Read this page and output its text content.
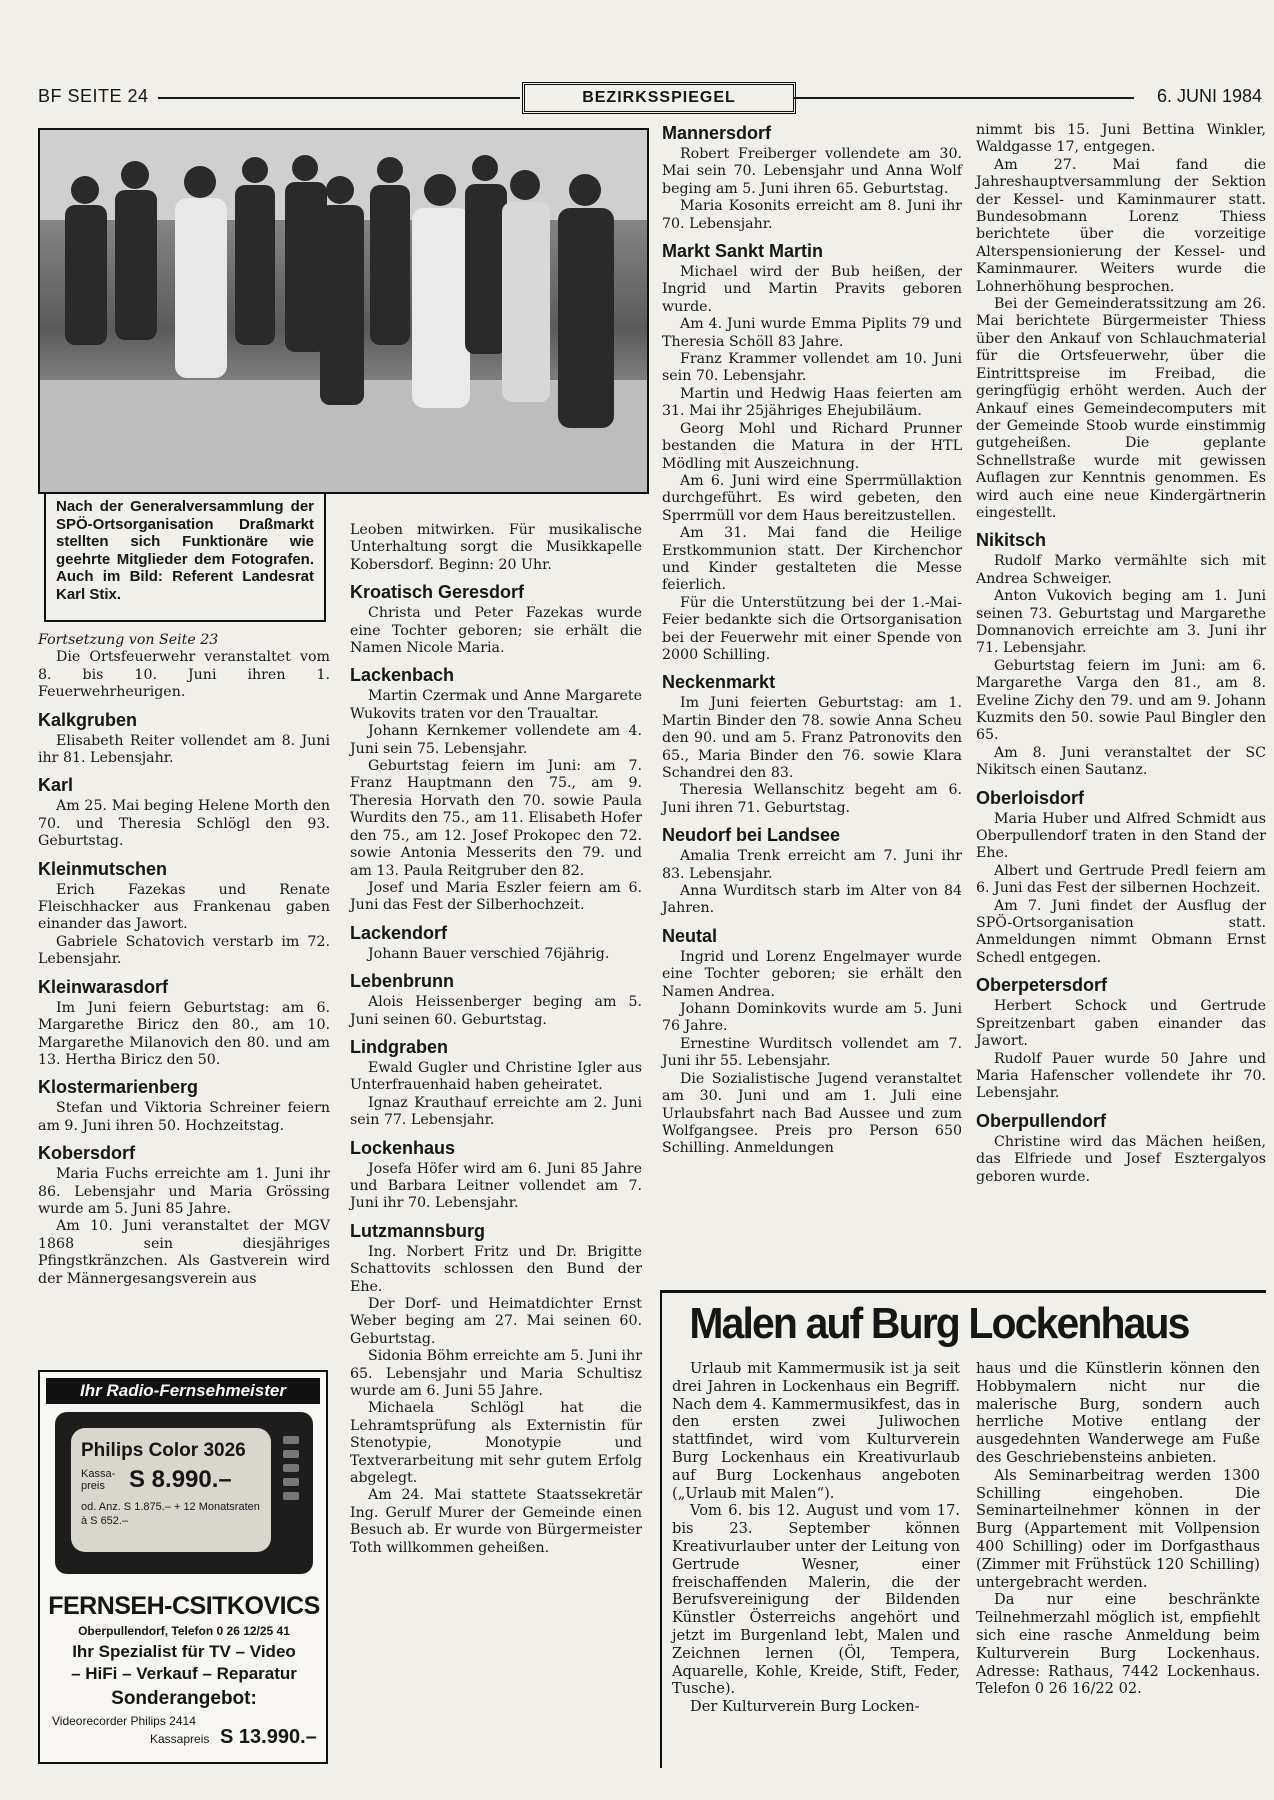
BF SEITE 24	BEZIRKSSPIEGEL	6. JUNI 1984
Nach der Generalversammlung der SPÖ-Ortsorganisation Draßmarkt stellten sich Funktionäre wie geehrte Mitglieder dem Fotografen. Auch im Bild: Referent Landesrat Karl Stix.

Fortsetzung von Seite 23

Die Ortsfeuerwehr veranstaltet vom 8. bis 10. Juni ihren 1. Feuerwehrheurigen.

Kalkgruben

Elisabeth Reiter vollendet am 8. Juni ihr 81. Lebensjahr.

Karl

Am 25. Mai beging Helene Morth den 70. und Theresia Schlögl den 93. Geburtstag.

Kleinmutschen

Erich Fazekas und Renate Fleischhacker aus Frankenau gaben einander das Jawort.

Gabriele Schatovich verstarb im 72. Lebensjahr.

Kleinwarasdorf

Im Juni feiern Geburtstag: am 6. Margarethe Biricz den 80., am 10. Margarethe Milanovich den 80. und am 13. Hertha Biricz den 50.

Klostermarienberg

Stefan und Viktoria Schreiner feiern am 9. Juni ihren 50. Hochzeitstag.

Kobersdorf

Maria Fuchs erreichte am 1. Juni ihr 86. Lebensjahr und Maria Grössing wurde am 5. Juni 85 Jahre.

Am 10. Juni veranstaltet der MGV 1868 sein diesjähriges Pfingstkränzchen. Als Gastverein wird der Männergesangsverein aus

Ihr Radio-Fernsehmeister
Philips Color 3026
Kassa-preis	S 8.990.–
od. Anz. S 1.875.– + 12 Monatsraten à S 652.–
FERNSEH-CSITKOVICS
Oberpullendorf, Telefon 0 26 12/25 41
Ihr Spezialist für TV – Video
– HiFi – Verkauf – Reparatur
Sonderangebot:
Videorecorder Philips 2414
Kassapreis S 13.990.–

Leoben mitwirken. Für musikalische Unterhaltung sorgt die Musikkapelle Kobersdorf. Beginn: 20 Uhr.

Kroatisch Geresdorf

Christa und Peter Fazekas wurde eine Tochter geboren; sie erhält die Namen Nicole Maria.

Lackenbach

Martin Czermak und Anne Margarete Wukovits traten vor den Traualtar.

Johann Kernkemer vollendete am 4. Juni sein 75. Lebensjahr.

Geburtstag feiern im Juni: am 7. Franz Hauptmann den 75., am 9. Theresia Horvath den 70. sowie Paula Wurdits den 75., am 11. Elisabeth Hofer den 75., am 12. Josef Prokopec den 72. sowie Antonia Messerits den 79. und am 13. Paula Reitgruber den 82.

Josef und Maria Eszler feiern am 6. Juni das Fest der Silberhochzeit.

Lackendorf

Johann Bauer verschied 76jährig.

Lebenbrunn

Alois Heissenberger beging am 5. Juni seinen 60. Geburtstag.

Lindgraben

Ewald Gugler und Christine Igler aus Unterfrauenhaid haben geheiratet.

Ignaz Krauthauf erreichte am 2. Juni sein 77. Lebensjahr.

Lockenhaus

Josefa Höfer wird am 6. Juni 85 Jahre und Barbara Leitner vollendet am 7. Juni ihr 70. Lebensjahr.

Lutzmannsburg

Ing. Norbert Fritz und Dr. Brigitte Schattovits schlossen den Bund der Ehe.

Der Dorf- und Heimatdichter Ernst Weber beging am 27. Mai seinen 60. Geburtstag.

Sidonia Böhm erreichte am 5. Juni ihr 65. Lebensjahr und Maria Schultisz wurde am 6. Juni 55 Jahre.

Michaela Schlögl hat die Lehramtsprüfung als Externistin für Stenotypie, Monotypie und Textverarbeitung mit sehr gutem Erfolg abgelegt.

Am 24. Mai stattete Staatssekretär Ing. Gerulf Murer der Gemeinde einen Besuch ab. Er wurde von Bürgermeister Toth willkommen geheißen.

Mannersdorf

Robert Freiberger vollendete am 30. Mai sein 70. Lebensjahr und Anna Wolf beging am 5. Juni ihren 65. Geburtstag.

Maria Kosonits erreicht am 8. Juni ihr 70. Lebensjahr.

Markt Sankt Martin

Michael wird der Bub heißen, der Ingrid und Martin Pravits geboren wurde.

Am 4. Juni wurde Emma Piplits 79 und Theresia Schöll 83 Jahre.

Franz Krammer vollendet am 10. Juni sein 70. Lebensjahr.

Martin und Hedwig Haas feierten am 31. Mai ihr 25jähriges Ehejubiläum.

Georg Mohl und Richard Prunner bestanden die Matura in der HTL Mödling mit Auszeichnung.

Am 6. Juni wird eine Sperrmüllaktion durchgeführt. Es wird gebeten, den Sperrmüll vor dem Haus bereitzustellen.

Am 31. Mai fand die Heilige Erstkommunion statt. Der Kirchenchor und Kinder gestalteten die Messe feierlich.

Für die Unterstützung bei der 1.-Mai-Feier bedankte sich die Ortsorganisation bei der Feuerwehr mit einer Spende von 2000 Schilling.

Neckenmarkt

Im Juni feierten Geburtstag: am 1. Martin Binder den 78. sowie Anna Scheu den 90. und am 5. Franz Patronovits den 65., Maria Binder den 76. sowie Klara Schandrei den 83.

Theresia Wellanschitz begeht am 6. Juni ihren 71. Geburtstag.

Neudorf bei Landsee

Amalia Trenk erreicht am 7. Juni ihr 83. Lebensjahr.

Anna Wurditsch starb im Alter von 84 Jahren.

Neutal

Ingrid und Lorenz Engelmayer wurde eine Tochter geboren; sie erhält den Namen Andrea.

Johann Dominkovits wurde am 5. Juni 76 Jahre.

Ernestine Wurditsch vollendet am 7. Juni ihr 55. Lebensjahr.

Die Sozialistische Jugend veranstaltet am 30. Juni und am 1. Juli eine Urlaubsfahrt nach Bad Aussee und zum Wolfgangsee. Preis pro Person 650 Schilling. Anmeldungen

nimmt bis 15. Juni Bettina Winkler, Waldgasse 17, entgegen.

Am 27. Mai fand die Jahreshauptversammlung der Sektion der Kessel- und Kaminmaurer statt. Bundesobmann Lorenz Thiess berichtete über die vorzeitige Alterspensionierung der Kessel- und Kaminmaurer. Weiters wurde die Lohnerhöhung besprochen.

Bei der Gemeinderatssitzung am 26. Mai berichtete Bürgermeister Thiess über den Ankauf von Schlauchmaterial für die Ortsfeuerwehr, über die Eintrittspreise im Freibad, die geringfügig erhöht werden. Auch der Ankauf eines Gemeindecomputers mit der Gemeinde Stoob wurde einstimmig gutgeheißen. Die geplante Schnellstraße wurde mit gewissen Auflagen zur Kenntnis genommen. Es wird auch eine neue Kindergärtnerin eingestellt.

Nikitsch

Rudolf Marko vermählte sich mit Andrea Schweiger.

Anton Vukovich beging am 1. Juni seinen 73. Geburtstag und Margarethe Domnanovich erreichte am 3. Juni ihr 71. Lebensjahr.

Geburtstag feiern im Juni: am 6. Margarethe Varga den 81., am 8. Eveline Zichy den 79. und am 9. Johann Kuzmits den 50. sowie Paul Bingler den 65.

Am 8. Juni veranstaltet der SC Nikitsch einen Sautanz.

Oberloisdorf

Maria Huber und Alfred Schmidt aus Oberpullendorf traten in den Stand der Ehe.

Albert und Gertrude Predl feiern am 6. Juni das Fest der silbernen Hochzeit.

Am 7. Juni findet der Ausflug der SPÖ-Ortsorganisation statt. Anmeldungen nimmt Obmann Ernst Schedl entgegen.

Oberpetersdorf

Herbert Schock und Gertrude Spreitzenbart gaben einander das Jawort.

Rudolf Pauer wurde 50 Jahre und Maria Hafenscher vollendete ihr 70. Lebensjahr.

Oberpullendorf

Christine wird das Mächen heißen, das Elfriede und Josef Esztergalyos geboren wurde.

Malen auf Burg Lockenhaus

Urlaub mit Kammermusik ist ja seit drei Jahren in Lockenhaus ein Begriff. Nach dem 4. Kammermusikfest, das in den ersten zwei Juliwochen stattfindet, wird vom Kulturverein Burg Lockenhaus ein Kreativurlaub auf Burg Lockenhaus angeboten („Urlaub mit Malen“).

Vom 6. bis 12. August und vom 17. bis 23. September können Kreativurlauber unter der Leitung von Gertrude Wesner, einer freischaffenden Malerin, die der Berufsvereinigung der Bildenden Künstler Österreichs angehört und jetzt im Burgenland lebt, Malen und Zeichnen lernen (Öl, Tempera, Aquarelle, Kohle, Kreide, Stift, Feder, Tusche).

Der Kulturverein Burg Locken-

haus und die Künstlerin können den Hobbymalern nicht nur die malerische Burg, sondern auch herrliche Motive entlang der ausgedehnten Wanderwege am Fuße des Geschriebensteins anbieten.

Als Seminarbeitrag werden 1300 Schilling eingehoben. Die Seminarteilnehmer können in der Burg (Appartement mit Vollpension 400 Schilling) oder im Dorfgasthaus (Zimmer mit Frühstück 120 Schilling) untergebracht werden.

Da nur eine beschränkte Teilnehmerzahl möglich ist, empfiehlt sich eine rasche Anmeldung beim Kulturverein Burg Lockenhaus. Adresse: Rathaus, 7442 Lockenhaus. Telefon 0 26 16/22 02.
